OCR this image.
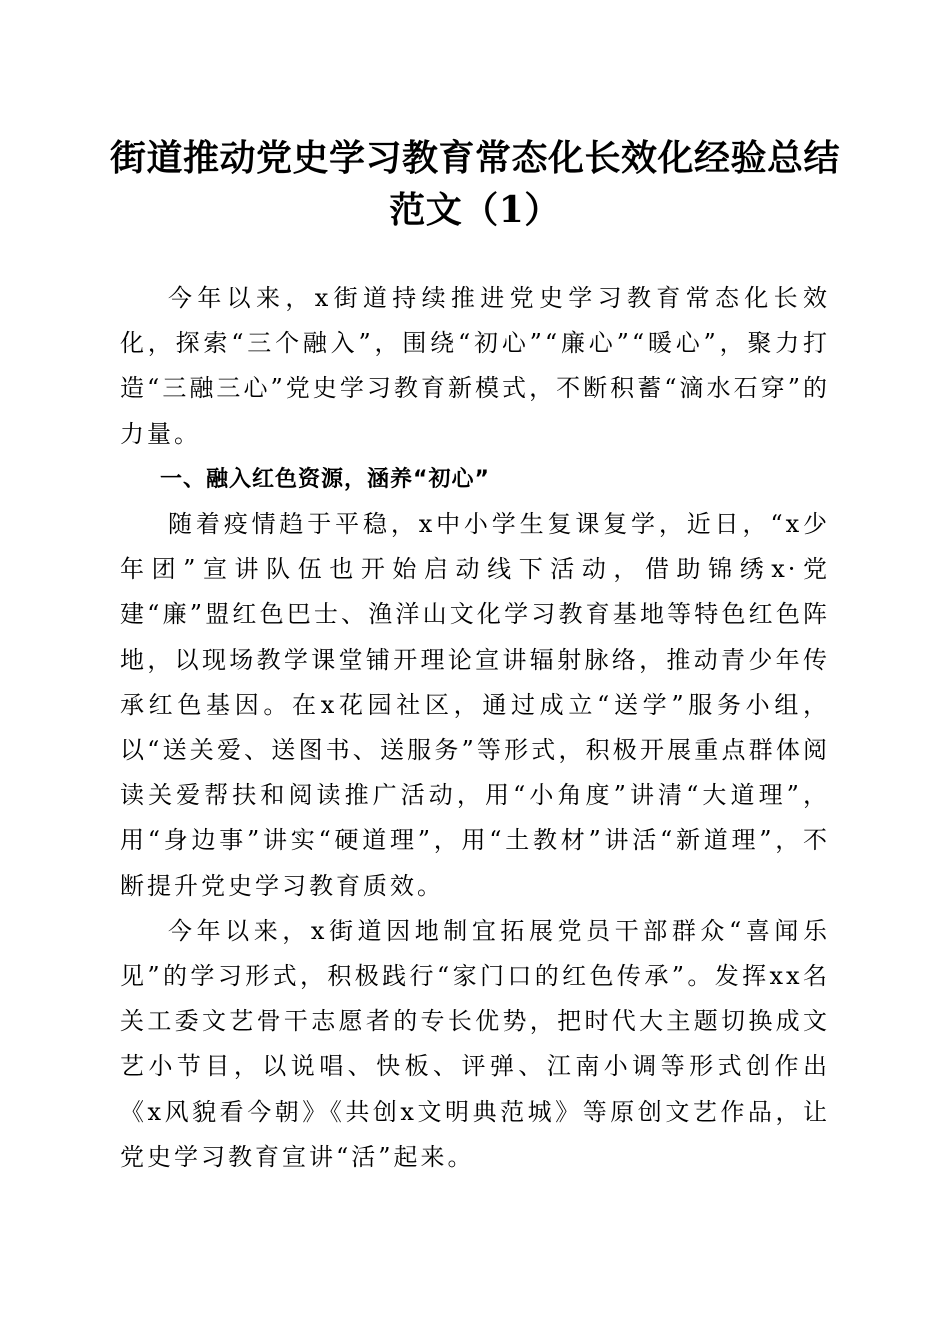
街道推动党史学习教育常态化长效化经验总结
范文（1）

今年以来，x街道持续推进党史学习教育常态化长效化，探索“三个融入”，围绕“初心”“廉心”“暖心”，聚力打造“三融三心”党史学习教育新模式，不断积蓄“滴水石穿”的力量。

一、融入红色资源，涵养“初心”

随着疫情趋于平稳，x中小学生复课复学，近日，“x少年团”宣讲队伍也开始启动线下活动，借助锦绣x·党建“廉”盟红色巴士、渔洋山文化学习教育基地等特色红色阵地，以现场教学课堂铺开理论宣讲辐射脉络，推动青少年传承红色基因。在x花园社区，通过成立“送学”服务小组，以“送关爱、送图书、送服务”等形式，积极开展重点群体阅读关爱帮扶和阅读推广活动，用“小角度”讲清“大道理”，用“身边事”讲实“硬道理”，用“土教材”讲活“新道理”，不断提升党史学习教育质效。

今年以来，x街道因地制宜拓展党员干部群众“喜闻乐见”的学习形式，积极践行“家门口的红色传承”。发挥xx名关工委文艺骨干志愿者的专长优势，把时代大主题切换成文艺小节目，以说唱、快板、评弹、江南小调等形式创作出《x风貌看今朝》《共创x文明典范城》等原创文艺作品，让党史学习教育宣讲“活”起来。
